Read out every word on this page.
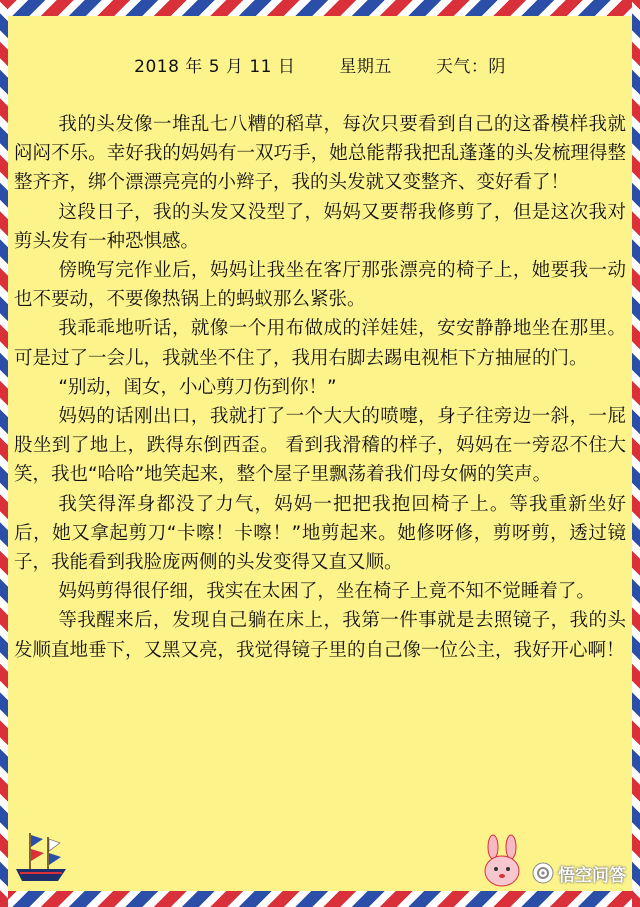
2018 年 5 月 11 日	星期五	天气：阴

我的头发像一堆乱七八糟的稻草，每次只要看到自己的这番模样我就闷闷不乐。幸好我的妈妈有一双巧手，她总能帮我把乱蓬蓬的头发梳理得整整齐齐，绑个漂漂亮亮的小辫子，我的头发就又变整齐、变好看了！

这段日子，我的头发又没型了，妈妈又要帮我修剪了，但是这次我对剪头发有一种恐惧感。

傍晚写完作业后，妈妈让我坐在客厅那张漂亮的椅子上，她要我一动也不要动，不要像热锅上的蚂蚁那么紧张。

我乖乖地听话，就像一个用布做成的洋娃娃，安安静静地坐在那里。可是过了一会儿，我就坐不住了，我用右脚去踢电视柜下方抽屉的门。

“别动，闺女，小心剪刀伤到你！”

妈妈的话刚出口，我就打了一个大大的喷嚏，身子往旁边一斜，一屁股坐到了地上，跌得东倒西歪。 看到我滑稽的样子，妈妈在一旁忍不住大笑，我也“哈哈”地笑起来，整个屋子里飘荡着我们母女俩的笑声。

我笑得浑身都没了力气，妈妈一把把我抱回椅子上。等我重新坐好后，她又拿起剪刀“卡嚓！卡嚓！”地剪起来。她修呀修，剪呀剪，透过镜子，我能看到我脸庞两侧的头发变得又直又顺。

妈妈剪得很仔细，我实在太困了，坐在椅子上竟不知不觉睡着了。

等我醒来后，发现自己躺在床上，我第一件事就是去照镜子，我的头发顺直地垂下，又黑又亮，我觉得镜子里的自己像一位公主，我好开心啊！

悟空问答
